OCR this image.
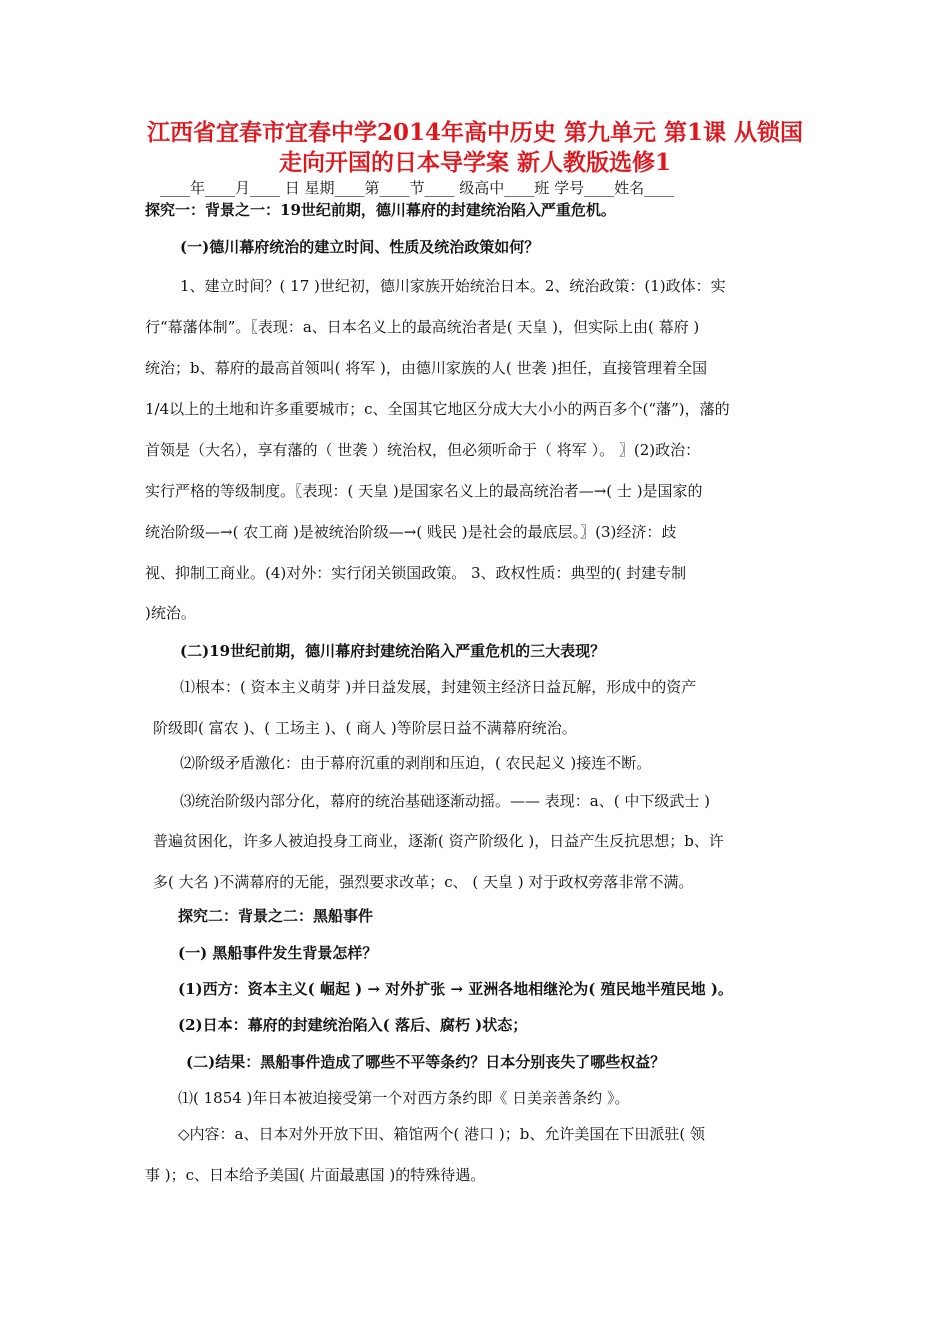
江西省宜春市宜春中学2014年高中历史 第九单元 第1课 从锁国
走向开国的日本导学案 新人教版选修1
____年____月____ 日 星期____第____节____ 级高中____班 学号____姓名____
探究一：背景之一：19世纪前期，德川幕府的封建统治陷入严重危机。
(一)德川幕府统治的建立时间、性质及统治政策如何？
1、建立时间？( 17 )世纪初，德川家族开始统治日本。2、统治政策：(1)政体：实
行“幕藩体制”。〖表现：a、日本名义上的最高统治者是( 天皇 )，但实际上由( 幕府 )
统治；b、幕府的最高首领叫( 将军 )，由德川家族的人( 世袭 )担任，直接管理着全国
1/4以上的土地和许多重要城市；c、全国其它地区分成大大小小的两百多个(“藩”)，藩的
首领是（大名），享有藩的（ 世袭 ）统治权，但必须听命于（ 将军 ）。 〗(2)政治：
实行严格的等级制度。〖表现：( 天皇 )是国家名义上的最高统治者—→( 士 )是国家的
统治阶级—→( 农工商 )是被统治阶级—→( 贱民 )是社会的最底层。〗(3)经济：歧
视、抑制工商业。(4)对外：实行闭关锁国政策。 3、政权性质：典型的( 封建专制
)统治。
(二)19世纪前期，德川幕府封建统治陷入严重危机的三大表现？
⑴根本：( 资本主义萌芽 )并日益发展，封建领主经济日益瓦解，形成中的资产
阶级即( 富农 )、( 工场主 )、( 商人 )等阶层日益不满幕府统治。
⑵阶级矛盾激化：由于幕府沉重的剥削和压迫，( 农民起义 )接连不断。
⑶统治阶级内部分化，幕府的统治基础逐渐动摇。—— 表现：a、( 中下级武士 )
普遍贫困化，许多人被迫投身工商业，逐渐( 资产阶级化 )，日益产生反抗思想；b、许
多( 大名 )不满幕府的无能，强烈要求改革；c、 ( 天皇 ) 对于政权旁落非常不满。
探究二：背景之二：黑船事件
(一) 黑船事件发生背景怎样？
(1)西方：资本主义( 崛起 ) → 对外扩张 → 亚洲各地相继沦为( 殖民地半殖民地 )。
(2)日本：幕府的封建统治陷入( 落后、腐朽 )状态；
(二)结果：黑船事件造成了哪些不平等条约？日本分别丧失了哪些权益？
⑴( 1854 )年日本被迫接受第一个对西方条约即《 日美亲善条约 》。
◇内容：a、日本对外开放下田、箱馆两个( 港口 )；b、允许美国在下田派驻( 领
事 )；c、日本给予美国( 片面最惠国 )的特殊待遇。
